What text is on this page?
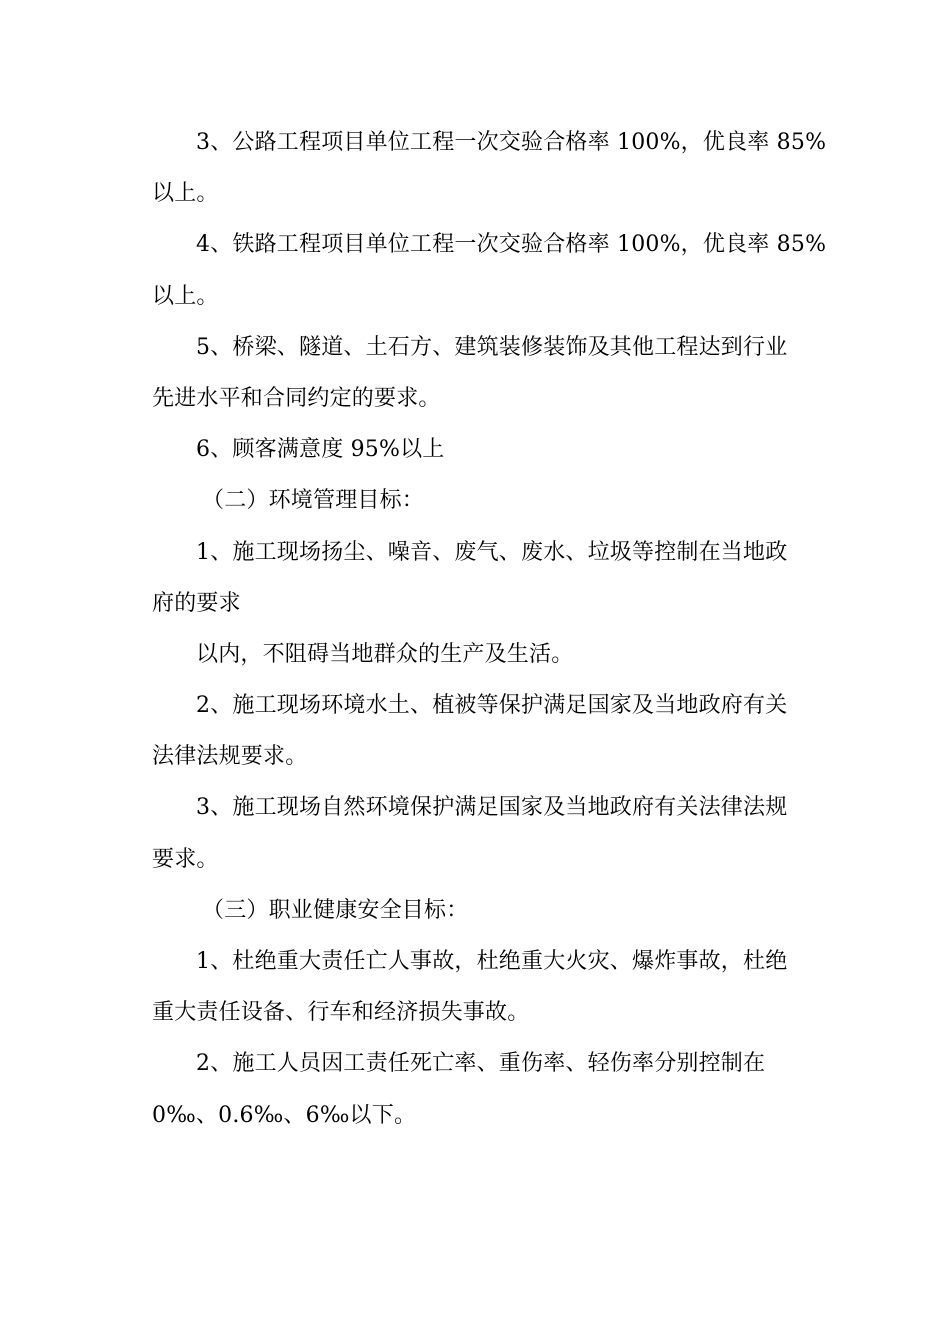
3、公路工程项目单位工程一次交验合格率 100%，优良率 85%
以上。
4、铁路工程项目单位工程一次交验合格率 100%，优良率 85%
以上。
5、桥梁、隧道、土石方、建筑装修装饰及其他工程达到行业
先进水平和合同约定的要求。
6、顾客满意度 95%以上
（二）环境管理目标：
1、施工现场扬尘、噪音、废气、废水、垃圾等控制在当地政
府的要求
以内，不阻碍当地群众的生产及生活。
2、施工现场环境水土、植被等保护满足国家及当地政府有关
法律法规要求。
3、施工现场自然环境保护满足国家及当地政府有关法律法规
要求。
（三）职业健康安全目标：
1、杜绝重大责任亡人事故，杜绝重大火灾、爆炸事故，杜绝
重大责任设备、行车和经济损失事故。
2、施工人员因工责任死亡率、重伤率、轻伤率分别控制在
0‰、0.6‰、6‰以下。
